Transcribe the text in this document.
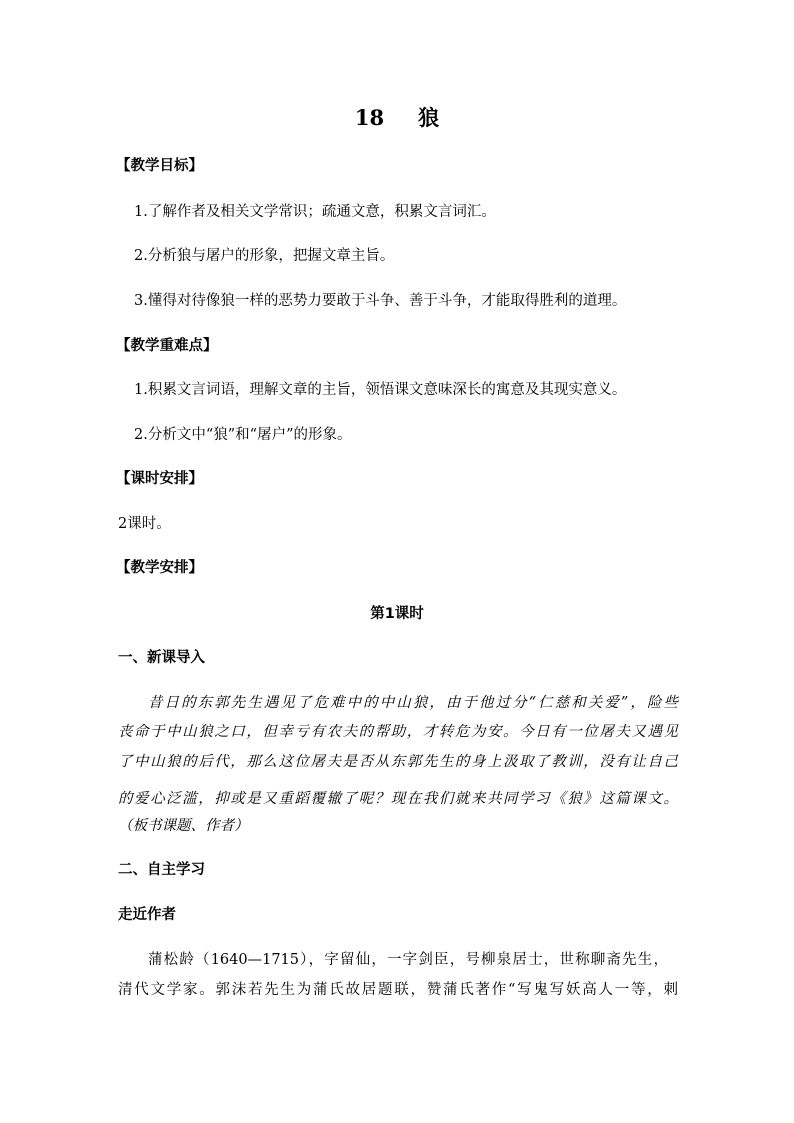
18 狼
【教学目标】
1.了解作者及相关文学常识；疏通文意，积累文言词汇。
2.分析狼与屠户的形象，把握文章主旨。
3.懂得对待像狼一样的恶势力要敢于斗争、善于斗争，才能取得胜利的道理。
【教学重难点】
1.积累文言词语，理解文章的主旨，领悟课文意味深长的寓意及其现实意义。
2.分析文中“狼”和“屠户”的形象。
【课时安排】
2课时。
【教学安排】
第1课时
一、新课导入
昔日的东郭先生遇见了危难中的中山狼，由于他过分“仁慈和关爱”，险些
丧命于中山狼之口，但幸亏有农夫的帮助，才转危为安。今日有一位屠夫又遇见
了中山狼的后代，那么这位屠夫是否从东郭先生的身上汲取了教训，没有让自己
的爱心泛滥，抑或是又重蹈覆辙了呢？现在我们就来共同学习《狼》这篇课文。
（板书课题、作者）
二、自主学习
走近作者
蒲松龄（1640—1715），字留仙，一字剑臣，号柳泉居士，世称聊斋先生，
清代文学家。郭沫若先生为蒲氏故居题联，赞蒲氏著作“写鬼写妖高人一等，刺
